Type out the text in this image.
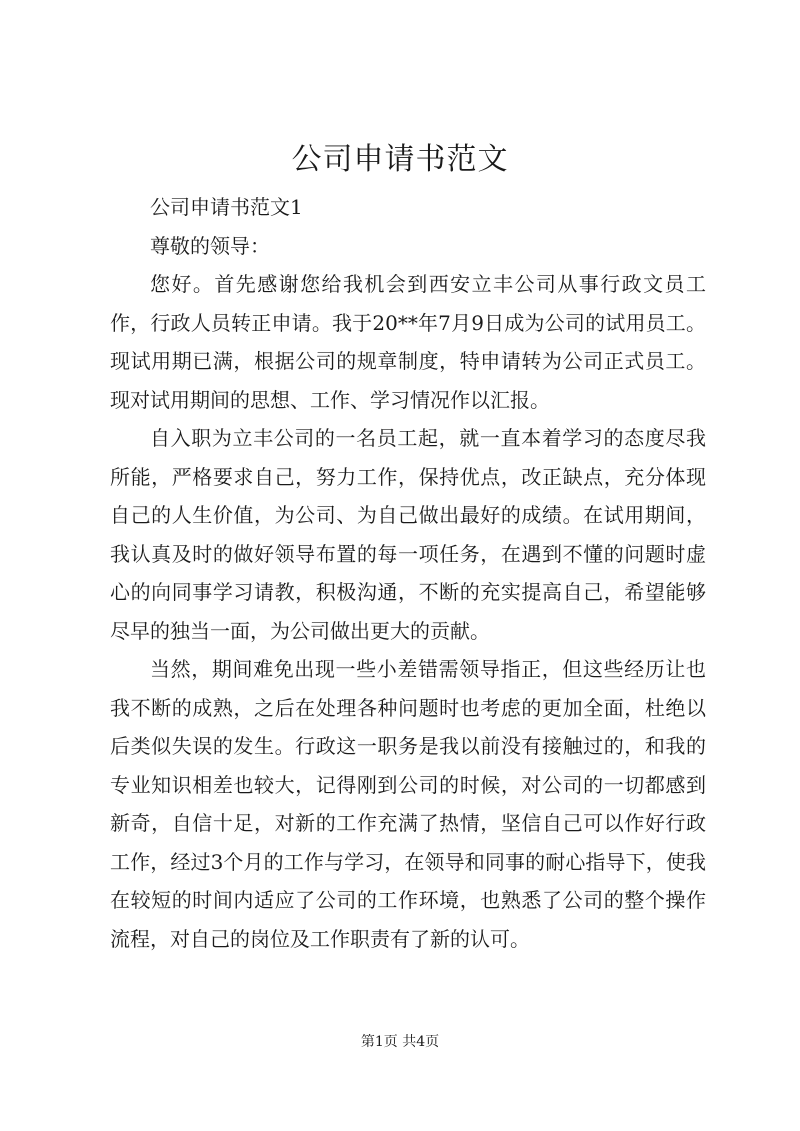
公司申请书范文

公司申请书范文1

尊敬的领导：

您好。首先感谢您给我机会到西安立丰公司从事行政文员工作，行政人员转正申请。我于20**年7月9日成为公司的试用员工。现试用期已满，根据公司的规章制度，特申请转为公司正式员工。现对试用期间的思想、工作、学习情况作以汇报。

自入职为立丰公司的一名员工起，就一直本着学习的态度尽我所能，严格要求自己，努力工作，保持优点，改正缺点，充分体现自己的人生价值，为公司、为自己做出最好的成绩。在试用期间，我认真及时的做好领导布置的每一项任务，在遇到不懂的问题时虚心的向同事学习请教，积极沟通，不断的充实提高自己，希望能够尽早的独当一面，为公司做出更大的贡献。

当然，期间难免出现一些小差错需领导指正，但这些经历让也我不断的成熟，之后在处理各种问题时也考虑的更加全面，杜绝以后类似失误的发生。行政这一职务是我以前没有接触过的，和我的专业知识相差也较大，记得刚到公司的时候，对公司的一切都感到新奇，自信十足，对新的工作充满了热情，坚信自己可以作好行政工作，经过3个月的工作与学习，在领导和同事的耐心指导下，使我在较短的时间内适应了公司的工作环境，也熟悉了公司的整个操作流程，对自己的岗位及工作职责有了新的认可。

第1页 共4页
